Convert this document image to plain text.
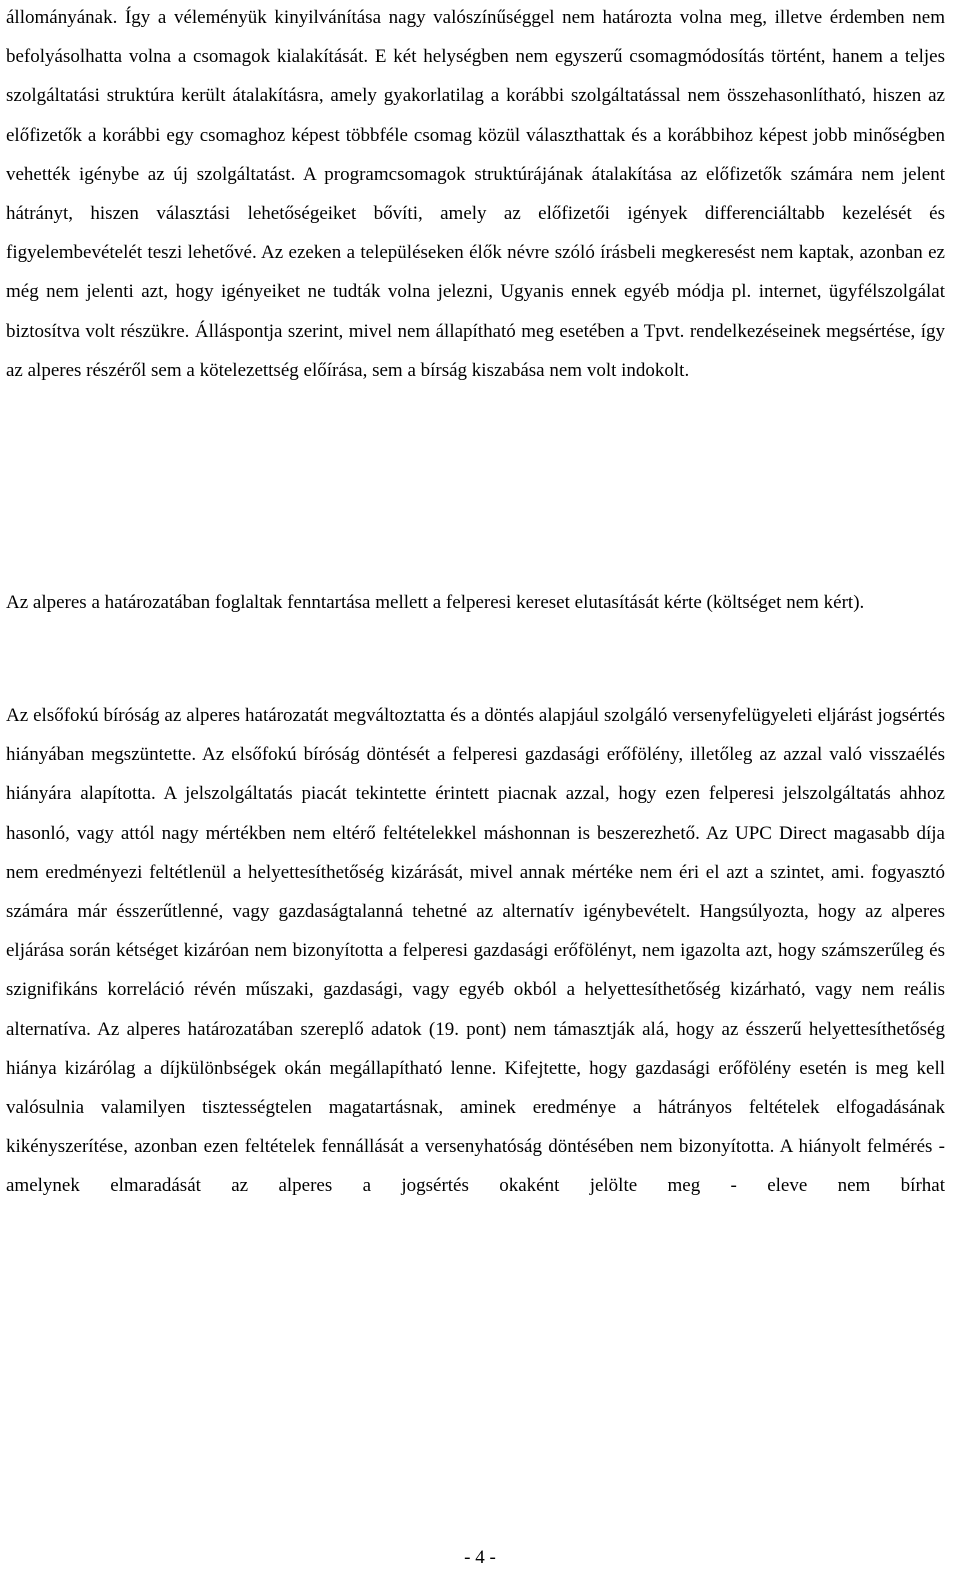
állományának. Így a véleményük kinyilvánítása nagy valószínűséggel nem határozta volna meg, illetve érdemben nem befolyásolhatta volna a csomagok kialakítását. E két helységben nem egyszerű csomagmódosítás történt, hanem a teljes szolgáltatási struktúra került átalakításra, amely gyakorlatilag a korábbi szolgáltatással nem összehasonlítható, hiszen az előfizetők a korábbi egy csomaghoz képest többféle csomag közül választhattak és a korábbihoz képest jobb minőségben vehették igénybe az új szolgáltatást. A programcsomagok struktúrájának átalakítása az előfizetők számára nem jelent hátrányt, hiszen választási lehetőségeiket bővíti, amely az előfizetői igények differenciáltabb kezelését és figyelembevételét teszi lehetővé. Az ezeken a településeken élők névre szóló írásbeli megkeresést nem kaptak, azonban ez még nem jelenti azt, hogy igényeiket ne tudták volna jelezni, Ugyanis ennek egyéb módja pl. internet, ügyfélszolgálat biztosítva volt részükre. Álláspontja szerint, mivel nem állapítható meg esetében a Tpvt. rendelkezéseinek megsértése, így az alperes részéről sem a kötelezettség előírása, sem a bírság kiszabása nem volt indokolt.

Az alperes a határozatában foglaltak fenntartása mellett a felperesi kereset elutasítását kérte (költséget nem kért).

Az elsőfokú bíróság az alperes határozatát megváltoztatta és a döntés alapjául szolgáló versenyfelügyeleti eljárást jogsértés hiányában megszüntette. Az elsőfokú bíróság döntését a felperesi gazdasági erőfölény, illetőleg az azzal való visszaélés hiányára alapította. A jelszolgáltatás piacát tekintette érintett piacnak azzal, hogy ezen felperesi jelszolgáltatás ahhoz hasonló, vagy attól nagy mértékben nem eltérő feltételekkel máshonnan is beszerezhető. Az UPC Direct magasabb díja nem eredményezi feltétlenül a helyettesíthetőség kizárását, mivel annak mértéke nem éri el azt a szintet, ami. fogyasztó számára már ésszerűtlenné, vagy gazdaságtalanná tehetné az alternatív igénybevételt. Hangsúlyozta, hogy az alperes eljárása során kétséget kizáróan nem bizonyította a felperesi gazdasági erőfölényt, nem igazolta azt, hogy számszerűleg és szignifikáns korreláció révén műszaki, gazdasági, vagy egyéb okból a helyettesíthetőség kizárható, vagy nem reális alternatíva. Az alperes határozatában szereplő adatok (19. pont) nem támasztják alá, hogy az ésszerű helyettesíthetőség hiánya kizárólag a díjkülönbségek okán megállapítható lenne. Kifejtette, hogy gazdasági erőfölény esetén is meg kell valósulnia valamilyen tisztességtelen magatartásnak, aminek eredménye a hátrányos feltételek elfogadásának kikényszerítése, azonban ezen feltételek fennállását a versenyhatóság döntésében nem bizonyította. A hiányolt felmérés - amelynek elmaradását az alperes a jogsértés okaként jelölte meg - eleve nem bírhat

- 4 -
